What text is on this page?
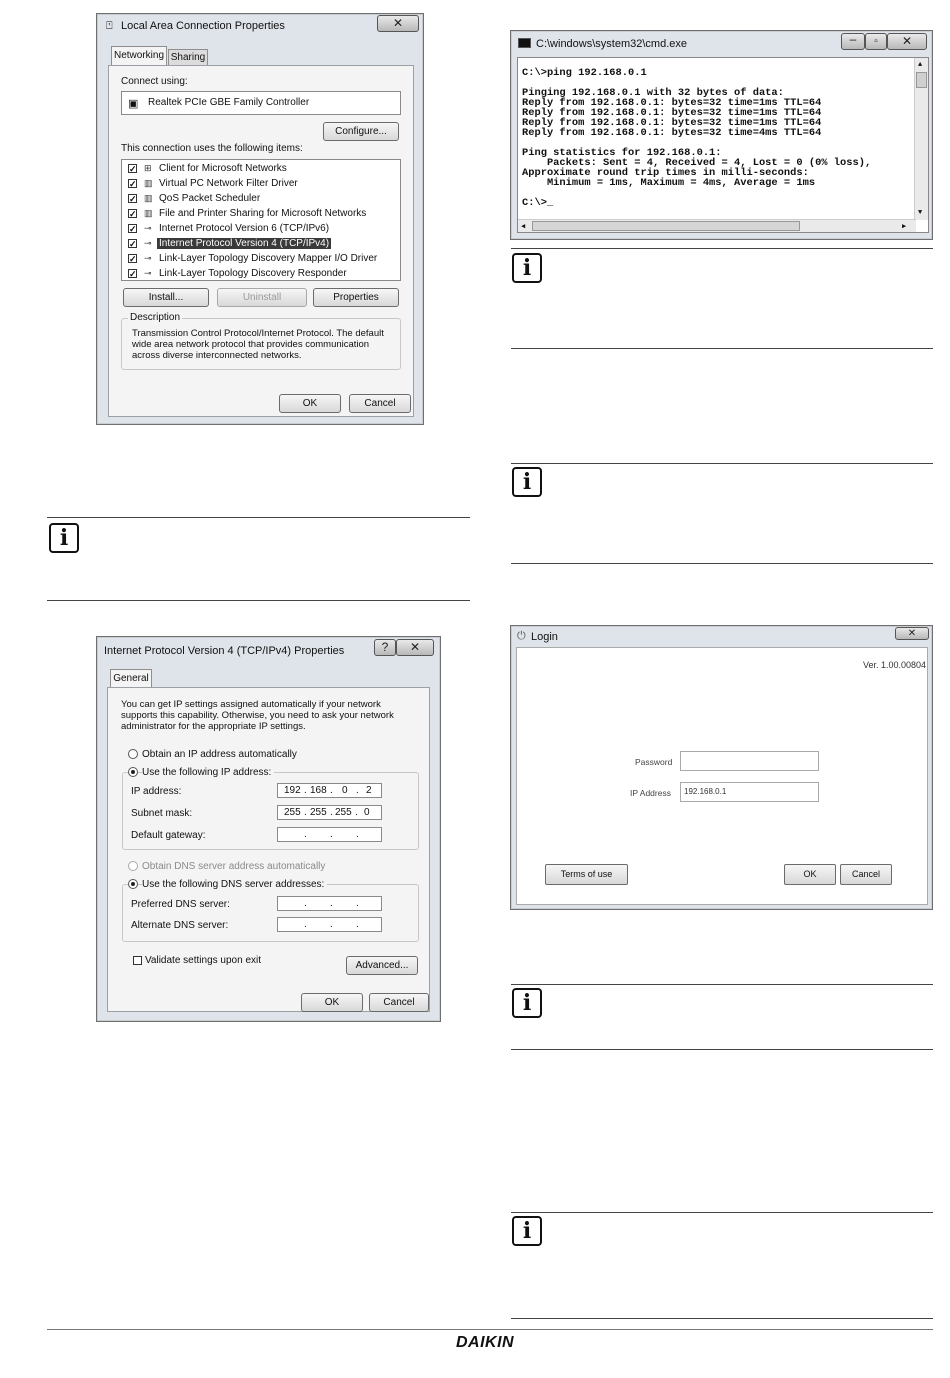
⍞ Local Area Connection Properties	✕
Networking Sharing
Connect using:
▣ Realtek PCIe GBE Family Controller
Configure...
This connection uses the following items:
✓ ⊞ Client for Microsoft Networks
✓ ▥ Virtual PC Network Filter Driver
✓ ▥ QoS Packet Scheduler
✓ ▥ File and Printer Sharing for Microsoft Networks
✓ ⊸ Internet Protocol Version 6 (TCP/IPv6)
✓ ⊸ Internet Protocol Version 4 (TCP/IPv4)
✓ ⊸ Link-Layer Topology Discovery Mapper I/O Driver
✓ ⊸ Link-Layer Topology Discovery Responder
Install...	Uninstall	Properties
Description
Transmission Control Protocol/Internet Protocol. The default wide area network protocol that provides communication across diverse interconnected networks.
OK	Cancel
i
Internet Protocol Version 4 (TCP/IPv4) Properties	?	✕
General
You can get IP settings assigned automatically if your network supports this capability. Otherwise, you need to ask your network administrator for the appropriate IP settings.
Obtain an IP address automatically
Use the following IP address:
IP address:	192 . 168 . 0 . 2
Subnet mask:	255 . 255 . 255 . 0
Default gateway:	. . .
Obtain DNS server address automatically
Use the following DNS server addresses:
Preferred DNS server:	. . .
Alternate DNS server:	. . .
Validate settings upon exit	Advanced...
OK	Cancel
C:\windows\system32\cmd.exe	–	▫	✕
C:\>ping 192.168.0.1
Pinging 192.168.0.1 with 32 bytes of data:
Reply from 192.168.0.1: bytes=32 time=1ms TTL=64
Reply from 192.168.0.1: bytes=32 time=1ms TTL=64
Reply from 192.168.0.1: bytes=32 time=1ms TTL=64
Reply from 192.168.0.1: bytes=32 time=4ms TTL=64
Ping statistics for 192.168.0.1:
Packets: Sent = 4, Received = 4, Lost = 0 (0% loss),
Approximate round trip times in milli-seconds:
Minimum = 1ms, Maximum = 4ms, Average = 1ms
C:\>_
▲
▼
◀	▶
i
i
⏻ Login	✕
Ver. 1.00.00804
Password
IP Address 192.168.0.1
Terms of use	OK	Cancel
i
i
DAIKIN
